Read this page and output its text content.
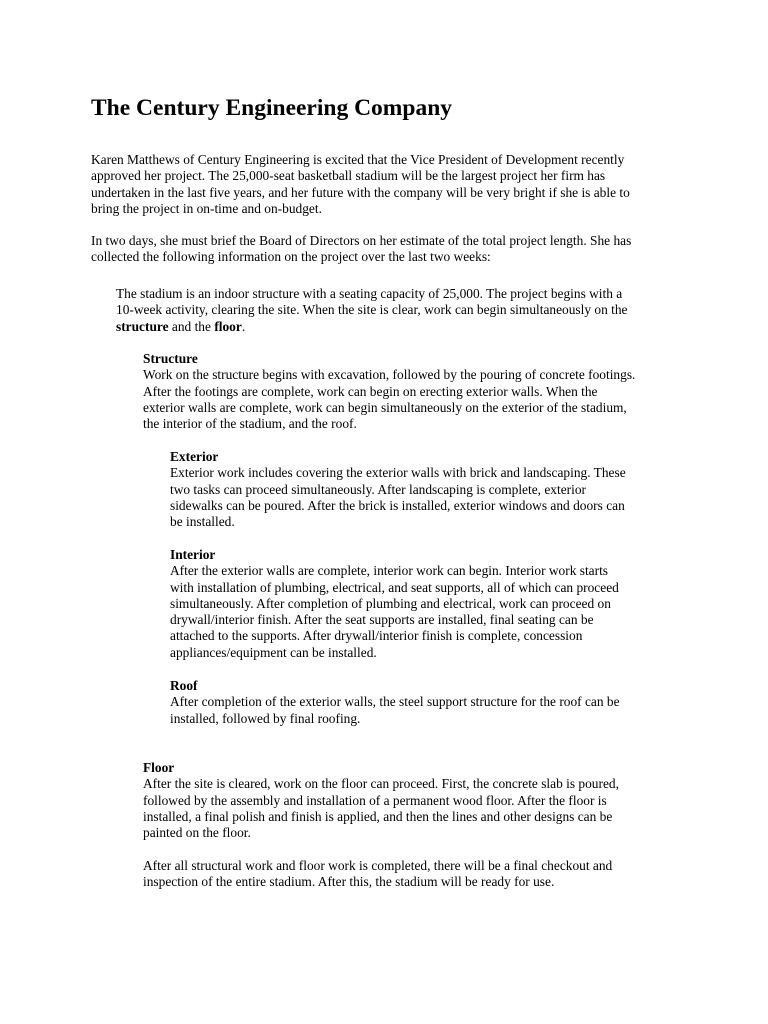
The Century Engineering Company

Karen Matthews of Century Engineering is excited that the Vice President of Development recently approved her project. The 25,000-seat basketball stadium will be the largest project her firm has undertaken in the last five years, and her future with the company will be very bright if she is able to bring the project in on-time and on-budget.

In two days, she must brief the Board of Directors on her estimate of the total project length. She has collected the following information on the project over the last two weeks:

The stadium is an indoor structure with a seating capacity of 25,000. The project begins with a 10-week activity, clearing the site. When the site is clear, work can begin simultaneously on the structure and the floor.

Structure
Work on the structure begins with excavation, followed by the pouring of concrete footings. After the footings are complete, work can begin on erecting exterior walls. When the exterior walls are complete, work can begin simultaneously on the exterior of the stadium, the interior of the stadium, and the roof.
Exterior
Exterior work includes covering the exterior walls with brick and landscaping. These two tasks can proceed simultaneously. After landscaping is complete, exterior sidewalks can be poured. After the brick is installed, exterior windows and doors can be installed.
Interior
After the exterior walls are complete, interior work can begin. Interior work starts with installation of plumbing, electrical, and seat supports, all of which can proceed simultaneously. After completion of plumbing and electrical, work can proceed on drywall/interior finish. After the seat supports are installed, final seating can be attached to the supports. After drywall/interior finish is complete, concession appliances/equipment can be installed.
Roof
After completion of the exterior walls, the steel support structure for the roof can be installed, followed by final roofing.
Floor
After the site is cleared, work on the floor can proceed. First, the concrete slab is poured, followed by the assembly and installation of a permanent wood floor. After the floor is installed, a final polish and finish is applied, and then the lines and other designs can be painted on the floor.

After all structural work and floor work is completed, there will be a final checkout and inspection of the entire stadium. After this, the stadium will be ready for use.
